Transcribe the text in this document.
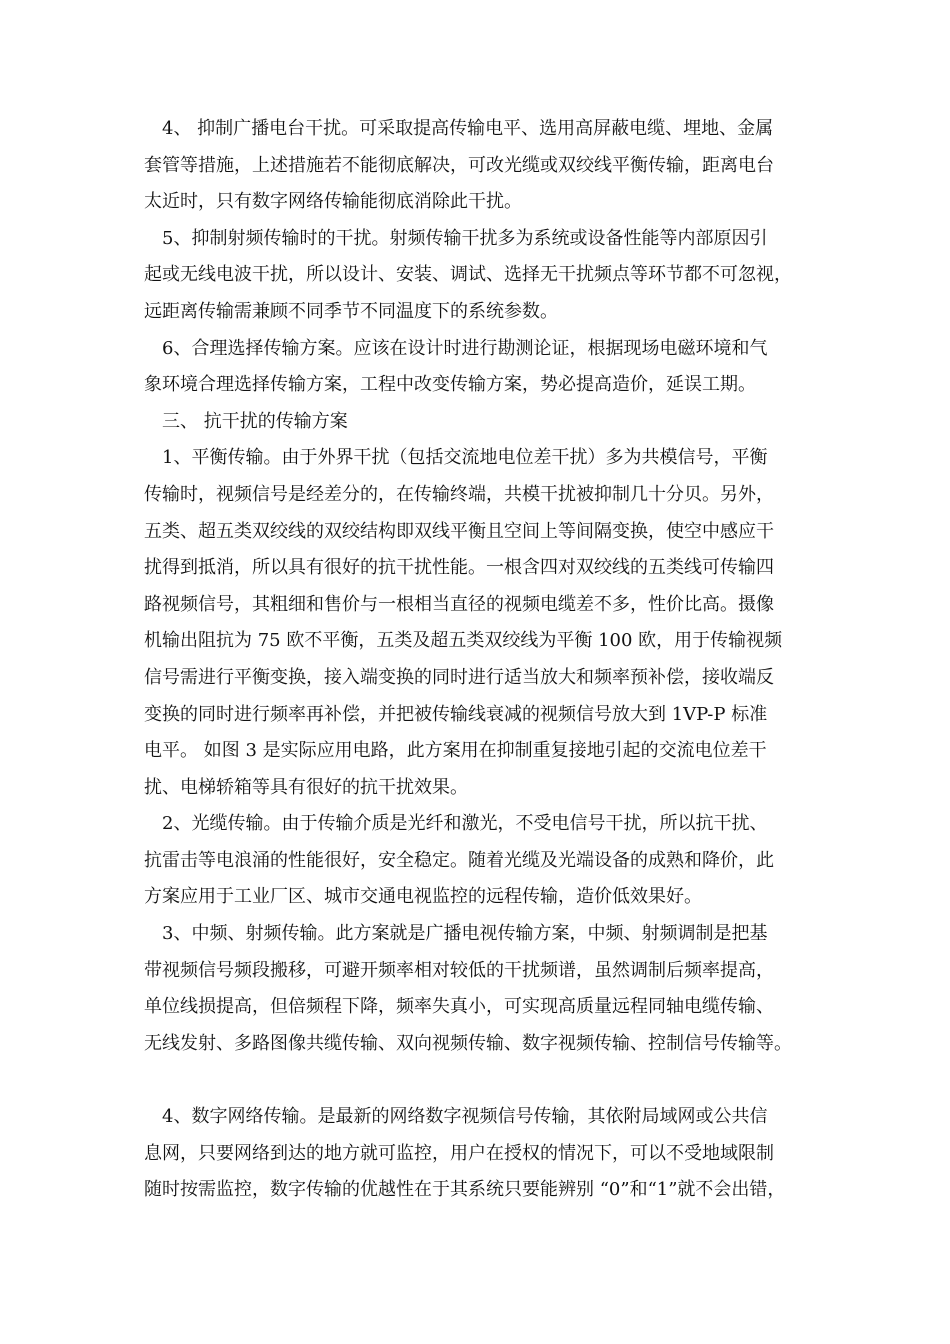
　4、 抑制广播电台干扰。可采取提高传输电平、选用高屏蔽电缆、埋地、金属
套管等措施，上述措施若不能彻底解决，可改光缆或双绞线平衡传输，距离电台
太近时，只有数字网络传输能彻底消除此干扰。
　5、抑制射频传输时的干扰。射频传输干扰多为系统或设备性能等内部原因引
起或无线电波干扰，所以设计、安装、调试、选择无干扰频点等环节都不可忽视，
远距离传输需兼顾不同季节不同温度下的系统参数。
　6、合理选择传输方案。应该在设计时进行勘测论证，根据现场电磁环境和气
象环境合理选择传输方案，工程中改变传输方案，势必提高造价，延误工期。
　三、 抗干扰的传输方案
　1、平衡传输。由于外界干扰（包括交流地电位差干扰）多为共模信号，平衡
传输时，视频信号是经差分的，在传输终端，共模干扰被抑制几十分贝。另外，
五类、超五类双绞线的双绞结构即双线平衡且空间上等间隔变换，使空中感应干
扰得到抵消，所以具有很好的抗干扰性能。一根含四对双绞线的五类线可传输四
路视频信号，其粗细和售价与一根相当直径的视频电缆差不多，性价比高。摄像
机输出阻抗为 75 欧不平衡，五类及超五类双绞线为平衡 100 欧，用于传输视频
信号需进行平衡变换，接入端变换的同时进行适当放大和频率预补偿，接收端反
变换的同时进行频率再补偿，并把被传输线衰减的视频信号放大到 1VP-P 标准
电平。 如图 3 是实际应用电路，此方案用在抑制重复接地引起的交流电位差干
扰、电梯轿箱等具有很好的抗干扰效果。
　2、光缆传输。由于传输介质是光纤和激光，不受电信号干扰，所以抗干扰、
抗雷击等电浪涌的性能很好，安全稳定。随着光缆及光端设备的成熟和降价，此
方案应用于工业厂区、城市交通电视监控的远程传输，造价低效果好。
　3、中频、射频传输。此方案就是广播电视传输方案，中频、射频调制是把基
带视频信号频段搬移，可避开频率相对较低的干扰频谱，虽然调制后频率提高，
单位线损提高，但倍频程下降，频率失真小，可实现高质量远程同轴电缆传输、
无线发射、多路图像共缆传输、双向视频传输、数字视频传输、控制信号传输等。
　4、数字网络传输。是最新的网络数字视频信号传输，其依附局域网或公共信
息网，只要网络到达的地方就可监控，用户在授权的情况下，可以不受地域限制
随时按需监控，数字传输的优越性在于其系统只要能辨别 “0”和“1”就不会出错，
